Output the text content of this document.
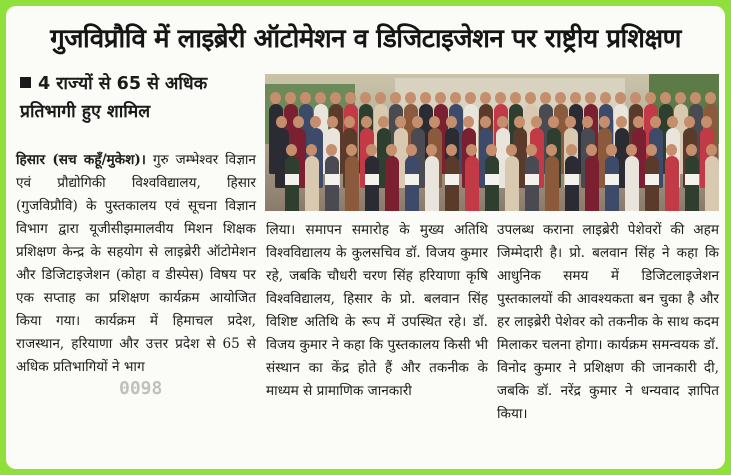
गुजविप्रौवि में लाइब्रेरी ऑटोमेशन व डिजिटाइजेशन पर राष्ट्रीय प्रशिक्षण
4 राज्यों से 65 से अधिक
प्रतिभागी हुए शामिल
हिसार (सच कहूँ/मुकेश)। गुरु जम्भेश्वर विज्ञान एवं प्रौद्योगिकी विश्वविद्यालय, हिसार (गुजविप्रौवि) के पुस्तकालय एवं सूचना विज्ञान विभाग द्वारा यूजीसीझमालवीय मिशन शिक्षक प्रशिक्षण केन्द्र के सहयोग से लाइब्रेरी ऑटोमेशन और डिजिटाइजेशन (कोहा व डीस्पेस) विषय पर एक सप्ताह का प्रशिक्षण कार्यक्रम आयोजित किया गया। कार्यक्रम में हिमाचल प्रदेश, राजस्थान, हरियाणा और उत्तर प्रदेश से 65 से अधिक प्रतिभागियों ने भाग
लिया। समापन समारोह के मुख्य अतिथि विश्वविद्यालय के कुलसचिव डॉ. विजय कुमार रहे, जबकि चौधरी चरण सिंह हरियाणा कृषि विश्वविद्यालय, हिसार के प्रो. बलवान सिंह विशिष्ट अतिथि के रूप में उपस्थित रहे। डॉ. विजय कुमार ने कहा कि पुस्तकालय किसी भी संस्थान का केंद्र होते हैं और तकनीक के माध्यम से प्रामाणिक जानकारी
उपलब्ध कराना लाइब्रेरी पेशेवरों की अहम जिम्मेदारी है। प्रो. बलवान सिंह ने कहा कि आधुनिक समय में डिजिटलाइजेशन पुस्तकालयों की आवश्यकता बन चुका है और हर लाइब्रेरी पेशेवर को तकनीक के साथ कदम मिलाकर चलना होगा। कार्यक्रम समन्वयक डॉ. विनोद कुमार ने प्रशिक्षण की जानकारी दी, जबकि डॉ. नरेंद्र कुमार ने धन्यवाद ज्ञापित किया।
0098
